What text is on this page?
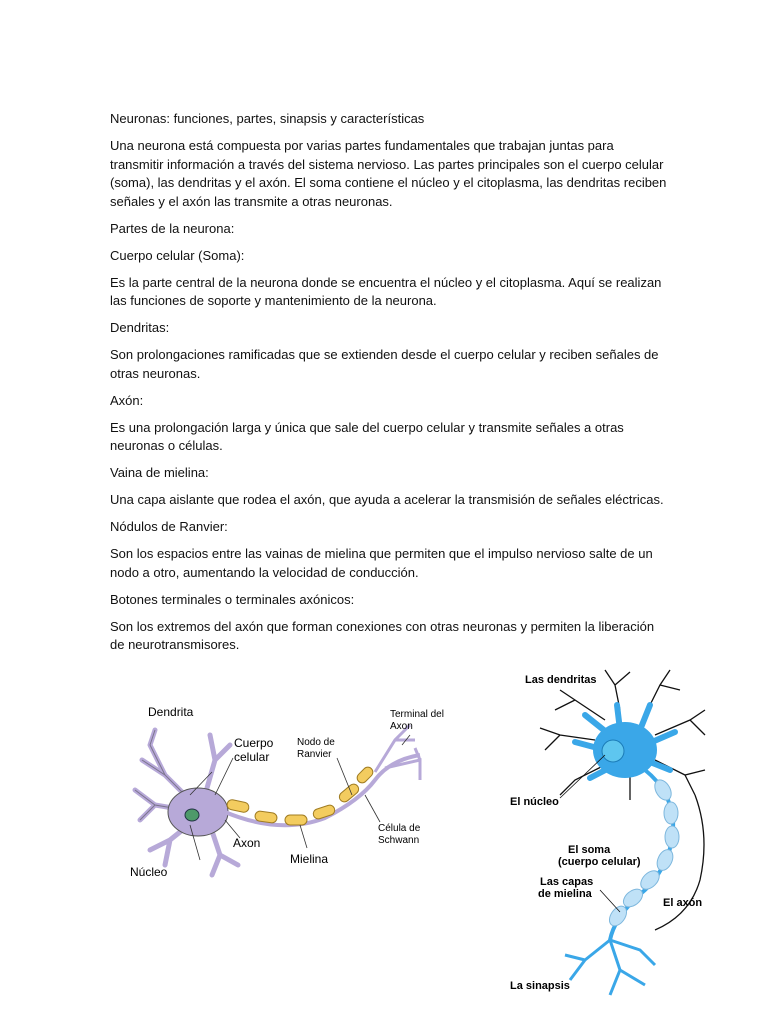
Neuronas: funciones, partes, sinapsis y características

Una neurona está compuesta por varias partes fundamentales que trabajan juntas para transmitir información a través del sistema nervioso. Las partes principales son el cuerpo celular (soma), las dendritas y el axón. El soma contiene el núcleo y el citoplasma, las dendritas reciben señales y el axón las transmite a otras neuronas.

Partes de la neurona:

Cuerpo celular (Soma):

Es la parte central de la neurona donde se encuentra el núcleo y el citoplasma. Aquí se realizan las funciones de soporte y mantenimiento de la neurona.

Dendritas:

Son prolongaciones ramificadas que se extienden desde el cuerpo celular y reciben señales de otras neuronas.

Axón:

Es una prolongación larga y única que sale del cuerpo celular y transmite señales a otras neuronas o células.

Vaina de mielina:

Una capa aislante que rodea el axón, que ayuda a acelerar la transmisión de señales eléctricas.

Nódulos de Ranvier:

Son los espacios entre las vainas de mielina que permiten que el impulso nervioso salte de un nodo a otro, aumentando la velocidad de conducción.

Botones terminales o terminales axónicos:

Son los extremos del axón que forman conexiones con otras neuronas y permiten la liberación de neurotransmisores.

Dendrita
Cuerpo
celular
Nodo de
Ranvier
Terminal del
Axon
Axon
Célula de
Schwann
Mielina
Núcleo
Las dendritas
El núcleo
El soma
(cuerpo celular)
Las capas
de mielina
El axón
La sinapsis
